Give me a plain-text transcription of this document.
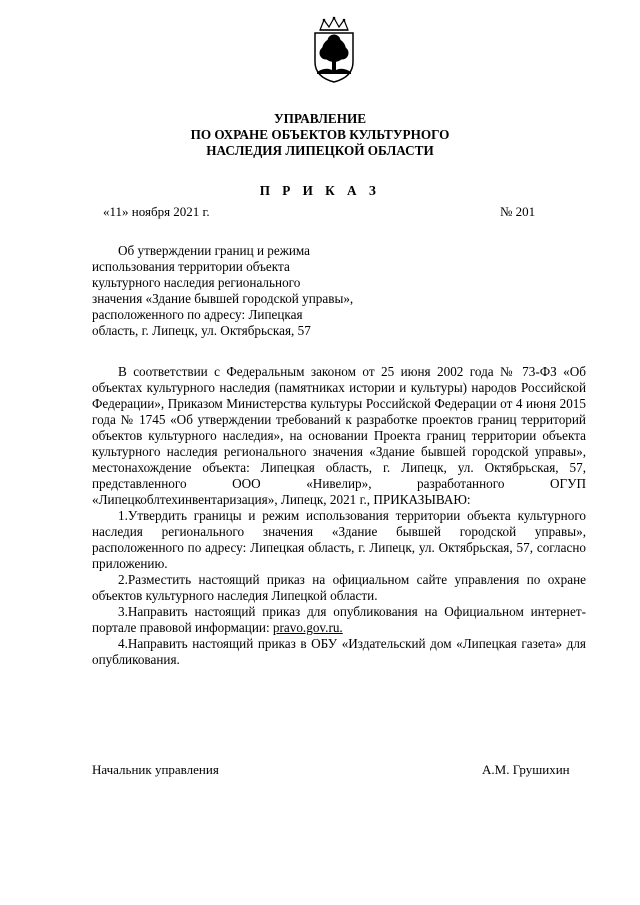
УПРАВЛЕНИЕ
ПО ОХРАНЕ ОБЪЕКТОВ КУЛЬТУРНОГО
НАСЛЕДИЯ ЛИПЕЦКОЙ ОБЛАСТИ
П Р И К А З
«11» ноября 2021 г.	№ 201
Об утверждении границ и режима
использования территории объекта
культурного наследия регионального
значения «Здание бывшей городской управы»,
расположенного по адресу: Липецкая
область, г. Липецк, ул. Октябрьская, 57

В соответствии с Федеральным законом от 25 июня 2002 года № 73-ФЗ «Об объектах культурного наследия (памятниках истории и культуры) народов Российской Федерации», Приказом Министерства культуры Российской Федерации от 4 июня 2015 года № 1745 «Об утверждении требований к разработке проектов границ территорий объектов культурного наследия», на основании Проекта границ территории объекта культурного наследия регионального значения «Здание бывшей городской управы», местонахождение объекта: Липецкая область, г. Липецк, ул. Октябрьская, 57, представленного ООО «Нивелир», разработанного ОГУП «Липецкоблтехинвентаризация», Липецк, 2021 г., ПРИКАЗЫВАЮ:

1.Утвердить границы и режим использования территории объекта культурного наследия регионального значения «Здание бывшей городской управы», расположенного по адресу: Липецкая область, г. Липецк, ул. Октябрьская, 57, согласно приложению.

2.Разместить настоящий приказ на официальном сайте управления по охране объектов культурного наследия Липецкой области.

3.Направить настоящий приказ для опубликования на Официальном интернет-портале правовой информации: pravo.gov.ru.

4.Направить настоящий приказ в ОБУ «Издательский дом «Липецкая газета» для опубликования.

Начальник управления	А.М. Грушихин
